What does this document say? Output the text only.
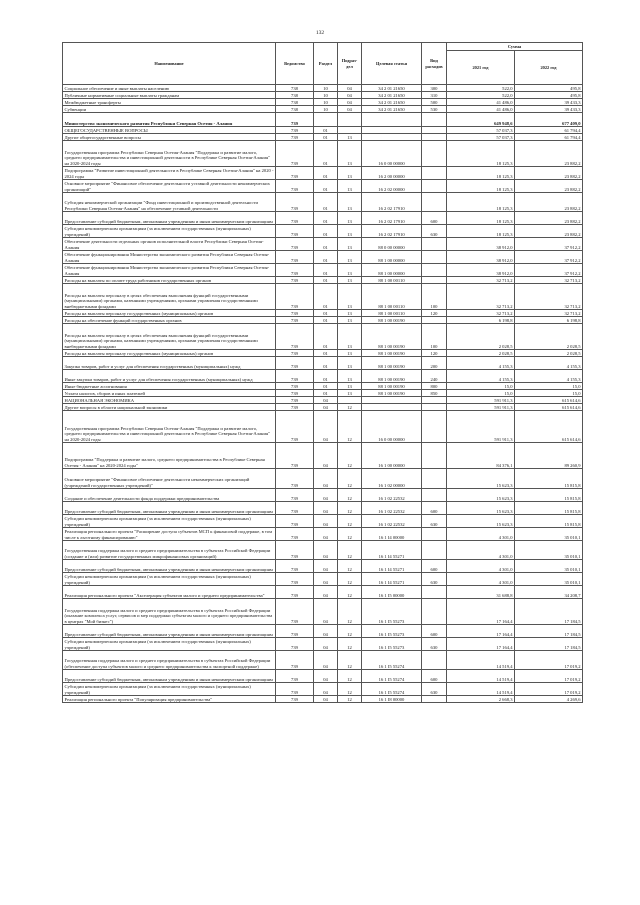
132
Наименование	Ведомство	Раздел	Подраз-дел	Целевая статья	Вид расходов	Сумма	
						2021 год	2022 год
Социальное обеспечение и иные выплаты населению	738	10	04	34 2 01 21650	300	522,0	495,8
Публичные нормативные социальные выплаты гражданам	738	10	04	34 2 01 21650	310	522,0	495,8
Межбюджетные трансферты	738	10	04	34 2 01 21650	500	41 486,0	39 433,3
Субвенции	738	10	04	34 2 01 21650	530	41 486,0	39 433,3
Министерство экономического развития Республики Северная Осетия - Алания	739					649 948,6	677 409,0
ОБЩЕГОСУДАРСТВЕННЫЕ ВОПРОСЫ	739	01				57 037,3	61 794,4
Другие общегосударственные вопросы	739	01	13			57 037,3	61 794,4
Государственная программа Республики Северная Осетия-Алания "Поддержка и развитие малого, среднего предпринимательства и инвестиционной деятельности в Республике Северная Осетия-Алания" на 2020-2024 годы	739	01	13	16 0 00 00000		18 125,3	23 882,2
Подпрограмма "Развитие инвестиционной деятельности в Республике Северная Осетия-Алания" на 2020 - 2024 годы	739	01	13	16 2 00 00000		18 125,3	23 882,2
Основное мероприятие "Финансовое обеспечение деятельности уставной деятельности некоммерческих организаций"	739	01	13	16 2 02 00000		18 125,3	23 882,2
Субсидия некоммерческой организации "Фонд инвестиционной и производственной деятельности Республики Северная Осетия-Алания" на обеспечение уставной деятельности	739	01	13	16 2 02 17910		18 125,3	23 882,2
Предоставление субсидий бюджетным, автономным учреждениям и иным некоммерческим организациям	739	01	13	16 2 02 17910	600	18 125,3	23 882,2
Субсидии некоммерческим организациям (за исключением государственных (муниципальных) учреждений)	739	01	13	16 2 02 17910	630	18 125,3	23 882,2
Обеспечение деятельности отдельных органов исполнительной власти Республики Северная Осетия-Алания	739	01	13	88 0 00 00000		38 912,0	37 912,2
Обеспечение функционирования Министерства экономического развития Республики Северная Осетия-Алания	739	01	13	88 1 00 00000		38 912,0	37 912,2
Обеспечение функционирования Министерства экономического развития Республики Северная Осетия-Алания	739	01	13	88 1 00 00000		38 912,0	37 912,2
Расходы на выплаты по оплате труда работников государственных органов	739	01	13	88 1 00 00110		32 713,2	32 713,2
Расходы на выплаты персоналу в целях обеспечения выполнения функций государственными (муниципальными) органами, казенными учреждениями, органами управления государственными внебюджетными фондами	739	01	13	88 1 00 00110	100	32 713,2	32 713,2
Расходы на выплаты персоналу государственных (муниципальных) органов	739	01	13	88 1 00 00110	120	32 713,2	32 713,2
Расходы на обеспечение функций государственных органов	739	01	13	88 1 00 00190		6 198,8	6 198,8
Расходы на выплаты персоналу в целях обеспечения выполнения функций государственными (муниципальными) органами, казенными учреждениями, органами управления государственными внебюджетными фондами	739	01	13	88 1 00 00190	100	2 028,5	2 028,5
Расходы на выплаты персоналу государственных (муниципальных) органов	739	01	13	88 1 00 00190	120	2 028,5	2 028,5
Закупка товаров, работ и услуг для обеспечения государственных (муниципальных) нужд	739	01	13	88 1 00 00190	200	4 155,3	4 155,3
Иные закупки товаров, работ и услуг для обеспечения государственных (муниципальных) нужд	739	01	13	88 1 00 00190	240	4 155,3	4 155,3
Иные бюджетные ассигнования	739	01	13	88 1 00 00190	800	15,0	15,0
Уплата налогов, сборов и иных платежей	739	01	13	88 1 00 00190	850	15,0	15,0
НАЦИОНАЛЬНАЯ ЭКОНОМИКА	739	04				591 911,3	615 614,6
Другие вопросы в области национальной экономики	739	04	12			591 911,3	615 614,6
Государственная программа Республики Северная Осетия-Алания "Поддержка и развитие малого, среднего предпринимательства и инвестиционной деятельности в Республике Северная Осетия-Алания" на 2020-2024 годы	739	04	12	16 0 00 00000		591 911,3	615 614,6
Подпрограмма "Поддержка и развитие малого, среднего предпринимательства в Республике Северная Осетия - Алания" на 2020-2024 годы"	739	04	12	16 1 00 00000		84 376,1	89 260,9
Основное мероприятие "Финансовое обеспечение деятельности некоммерческих организаций (учреждений государственных учреждений)"	739	04	12	16 1 02 00000		15 623,3	15 815,8
Создание и обеспечение деятельности фонда поддержки предпринимательства	739	04	12	16 1 02 22532		15 623,3	15 815,8
Предоставление субсидий бюджетным, автономным учреждениям и иным некоммерческим организациям	739	04	12	16 1 02 22532	600	15 623,3	15 815,8
Субсидии некоммерческим организациям (за исключением государственных (муниципальных) учреждений)	739	04	12	16 1 02 22532	630	15 623,3	15 815,8
Реализация регионального проекта "Расширение доступа субъектов МСП к финансовой поддержке, в том числе к льготному финансированию"	739	04	12	16 1 I4 00000		4 301,0	35 010,1
Государственная поддержка малого и среднего предпринимательства в субъектах Российской Федерации (создание и (или) развитие государственных микрофинансовых организаций)	739	04	12	16 1 I4 55271		4 301,0	35 010,1
Предоставление субсидий бюджетным, автономным учреждениям и иным некоммерческим организациям	739	04	12	16 1 I4 55271	600	4 301,0	35 010,1
Субсидии некоммерческим организациям (за исключением государственных (муниципальных) учреждений)	739	04	12	16 1 I4 55271	630	4 301,0	35 010,1
Реализация регионального проекта "Акселерация субъектов малого и среднего предпринимательства"	739	04	12	16 1 I5 00000		31 688,8	34 208,7
Государственная поддержка малого и среднего предпринимательства в субъектах Российской Федерации (оказание комплекса услуг, сервисов и мер поддержки субъектам малого и среднего предпринимательства в центрах "Мой бизнес")	739	04	12	16 1 I5 55273		17 164,4	17 184,5
Предоставление субсидий бюджетным, автономным учреждениям и иным некоммерческим организациям	739	04	12	16 1 I5 55273	600	17 164,4	17 184,5
Субсидии некоммерческим организациям (за исключением государственных (муниципальных) учреждений)	739	04	12	16 1 I5 55273	630	17 164,4	17 184,5
Государственная поддержка малого и среднего предпринимательства в субъектах Российской Федерации (обеспечение доступа субъектов малого и среднего предпринимательства к экспортной поддержке)	739	04	12	16 1 I5 55274		14 519,4	17 019,2
Предоставление субсидий бюджетным, автономным учреждениям и иным некоммерческим организациям	739	04	12	16 1 I5 55274	600	14 519,4	17 019,2
Субсидии некоммерческим организациям (за исключением государственных (муниципальных) учреждений)	739	04	12	16 1 I5 55274	630	14 519,4	17 019,2
Реализация регионального проекта "Популяризация предпринимательства"	739	04	12	16 1 I8 00000		2 668,3	4 269,6
